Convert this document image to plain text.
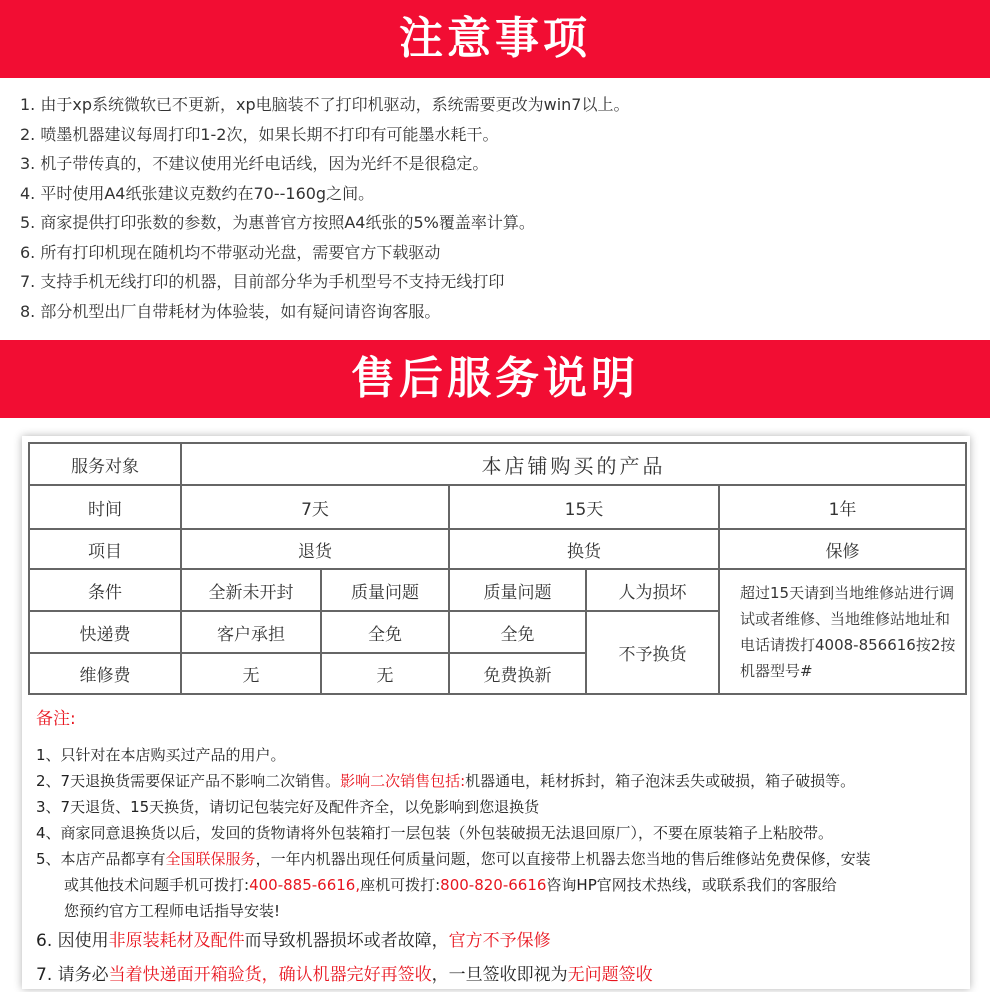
注意事项
1. 由于xp系统微软已不更新，xp电脑装不了打印机驱动，系统需要更改为win7以上。
2. 喷墨机器建议每周打印1-2次，如果长期不打印有可能墨水耗干。
3. 机子带传真的，不建议使用光纤电话线，因为光纤不是很稳定。
4. 平时使用A4纸张建议克数约在70--160g之间。
5. 商家提供打印张数的参数，为惠普官方按照A4纸张的5%覆盖率计算。
6. 所有打印机现在随机均不带驱动光盘，需要官方下载驱动
7. 支持手机无线打印的机器，目前部分华为手机型号不支持无线打印
8. 部分机型出厂自带耗材为体验装，如有疑问请咨询客服。
售后服务说明
服务对象	本店铺购买的产品				
时间	7天		15天		1年
项目	退货		换货		保修
条件	全新未开封	质量问题	质量问题	人为损坏	超过15天请到当地维修站进行调试或者维修、当地维修站地址和电话请拨打4008-856616按2按机器型号#
快递费	客户承担	全免	全免	不予换货	
维修费	无	无	免费换新		
备注:
1、只针对在本店购买过产品的用户。
2、7天退换货需要保证产品不影响二次销售。影响二次销售包括:机器通电，耗材拆封，箱子泡沫丢失或破损，箱子破损等。
3、7天退货、15天换货，请切记包装完好及配件齐全，以免影响到您退换货
4、商家同意退换货以后，发回的货物请将外包装箱打一层包装（外包装破损无法退回原厂），不要在原装箱子上粘胶带。
5、本店产品都享有全国联保服务，一年内机器出现任何质量问题，您可以直接带上机器去您当地的售后维修站免费保修，安装
或其他技术问题手机可拨打:400-885-6616,座机可拨打:800-820-6616咨询HP官网技术热线，或联系我们的客服给
您预约官方工程师电话指导安装!
6. 因使用非原装耗材及配件而导致机器损坏或者故障，官方不予保修
7. 请务必当着快递面开箱验货，确认机器完好再签收，一旦签收即视为无问题签收
